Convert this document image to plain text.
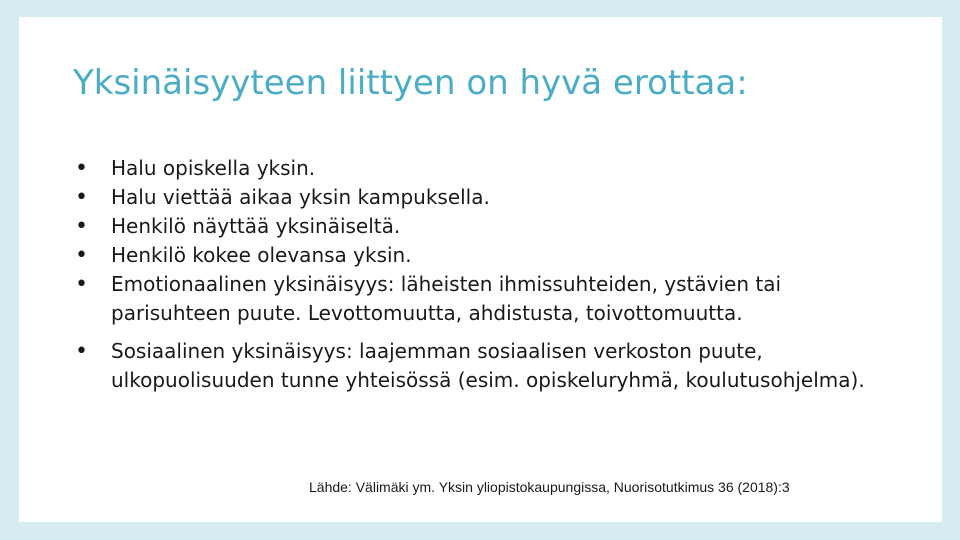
Yksinäisyyteen liittyen on hyvä erottaa:
•	Halu opiskella yksin.
•	Halu viettää aikaa yksin kampuksella.
•	Henkilö näyttää yksinäiseltä.
•	Henkilö kokee olevansa yksin.
•	Emotionaalinen yksinäisyys: läheisten ihmissuhteiden, ystävien tai parisuhteen puute. Levottomuutta, ahdistusta, toivottomuutta.
•	Sosiaalinen yksinäisyys: laajemman sosiaalisen verkoston puute, ulkopuolisuuden tunne yhteisössä (esim. opiskeluryhmä, koulutusohjelma).
Lähde: Välimäki ym. Yksin yliopistokaupungissa, Nuorisotutkimus 36 (2018):3
